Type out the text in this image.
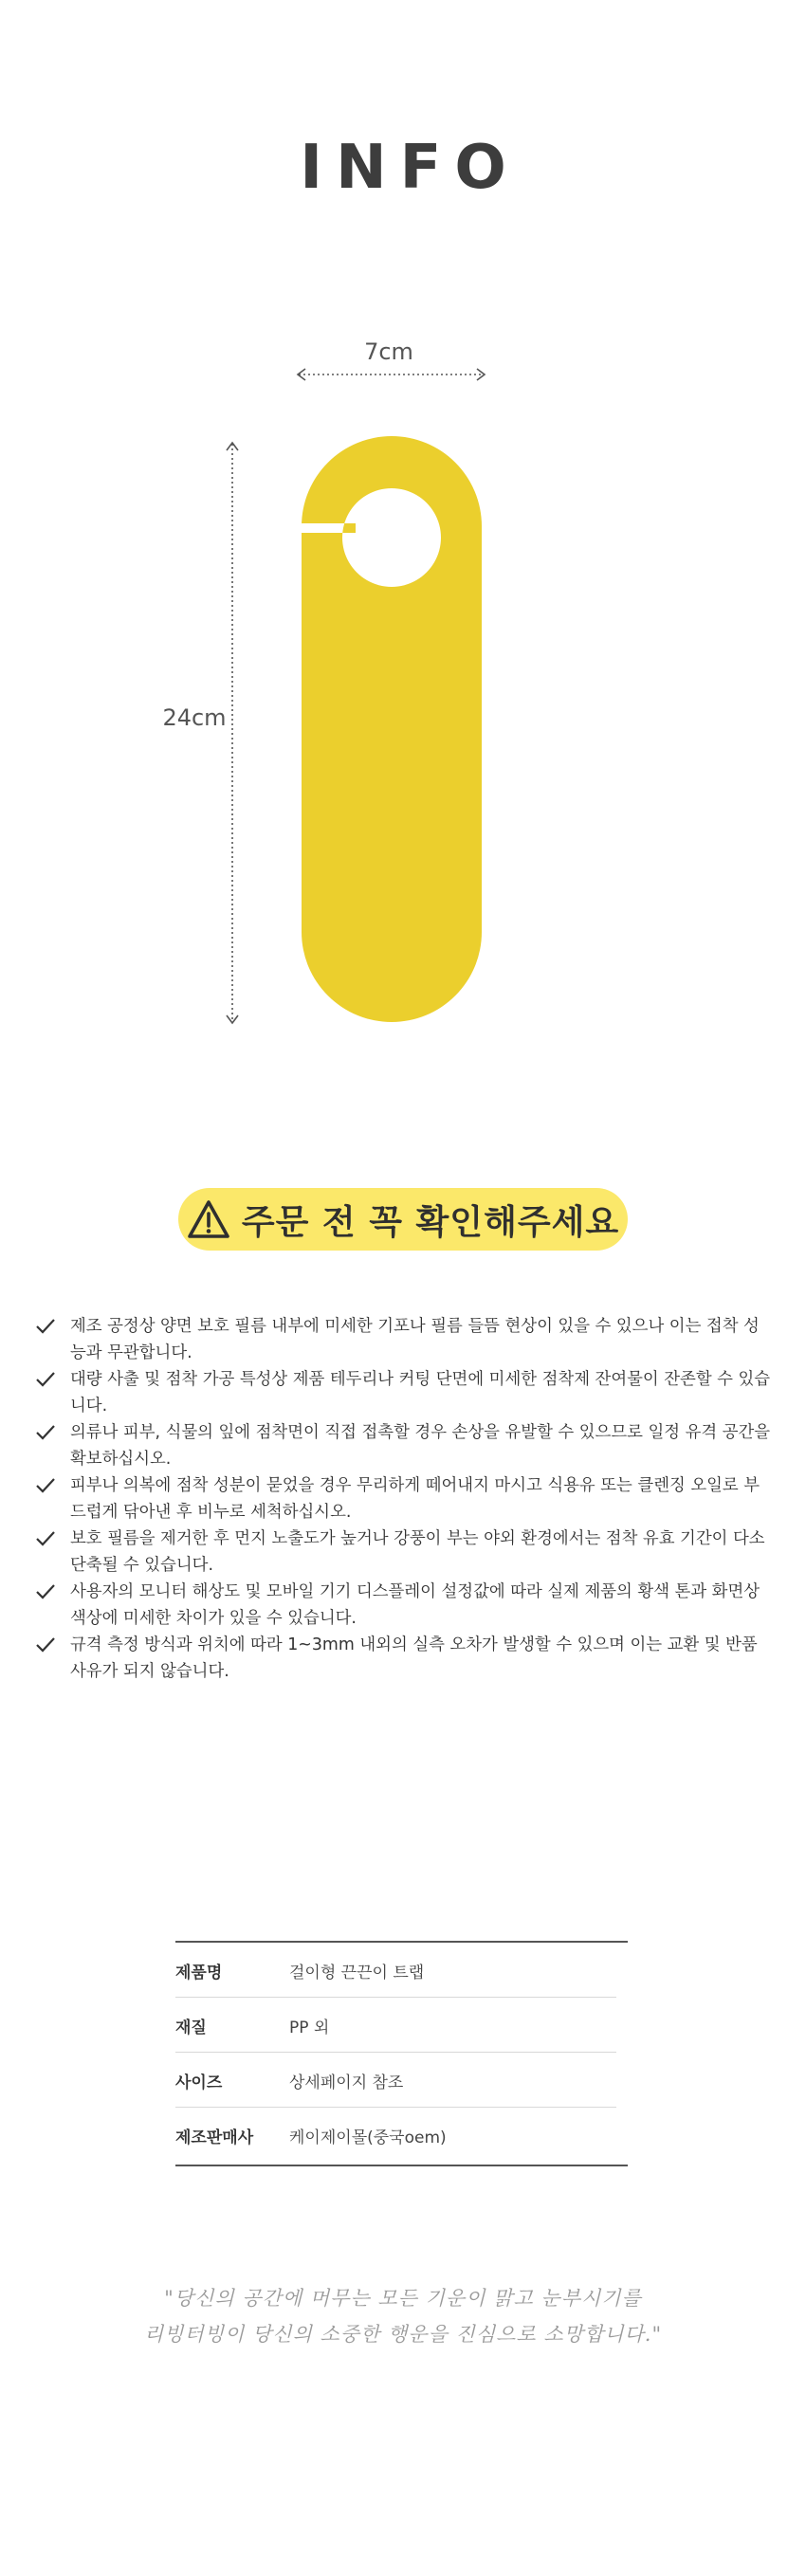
INFO
7cm
24cm
주문 전 꼭 확인해주세요
제조 공정상 양면 보호 필름 내부에 미세한 기포나 필름 들뜸 현상이 있을 수 있으나 이는 접착 성능과 무관합니다.
대량 사출 및 점착 가공 특성상 제품 테두리나 커팅 단면에 미세한 점착제 잔여물이 잔존할 수 있습니다.
의류나 피부, 식물의 잎에 점착면이 직접 접촉할 경우 손상을 유발할 수 있으므로 일정 유격 공간을 확보하십시오.
피부나 의복에 점착 성분이 묻었을 경우 무리하게 떼어내지 마시고 식용유 또는 클렌징 오일로 부드럽게 닦아낸 후 비누로 세척하십시오.
보호 필름을 제거한 후 먼지 노출도가 높거나 강풍이 부는 야외 환경에서는 점착 유효 기간이 다소 단축될 수 있습니다.
사용자의 모니터 해상도 및 모바일 기기 디스플레이 설정값에 따라 실제 제품의 황색 톤과 화면상 색상에 미세한 차이가 있을 수 있습니다.
규격 측정 방식과 위치에 따라 1~3mm 내외의 실측 오차가 발생할 수 있으며 이는 교환 및 반품 사유가 되지 않습니다.
제품명	걸이형 끈끈이 트랩
재질	PP 외
사이즈	상세페이지 참조
제조판매사	케이제이몰(중국oem)
"당신의 공간에 머무는 모든 기운이 맑고 눈부시기를
리빙터빙이 당신의 소중한 행운을 진심으로 소망합니다."
